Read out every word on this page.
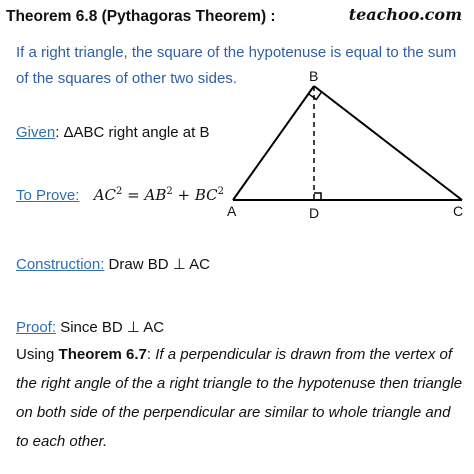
Theorem 6.8 (Pythagoras Theorem) :	teachoo.com
If a right triangle, the square of the hypotenuse is equal to the sum
of the squares of other two sides.
Given: ΔABC right angle at B
To Prove: $AC^2 = AB^2 + BC^2$
Construction: Draw BD ⊥ AC
Proof: Since BD ⊥ AC
Using Theorem 6.7: If a perpendicular is drawn from the vertex of the right angle of the a right triangle to the hypotenuse then triangle on both side of the perpendicular are similar to whole triangle and to each other.
B
A	D	C
